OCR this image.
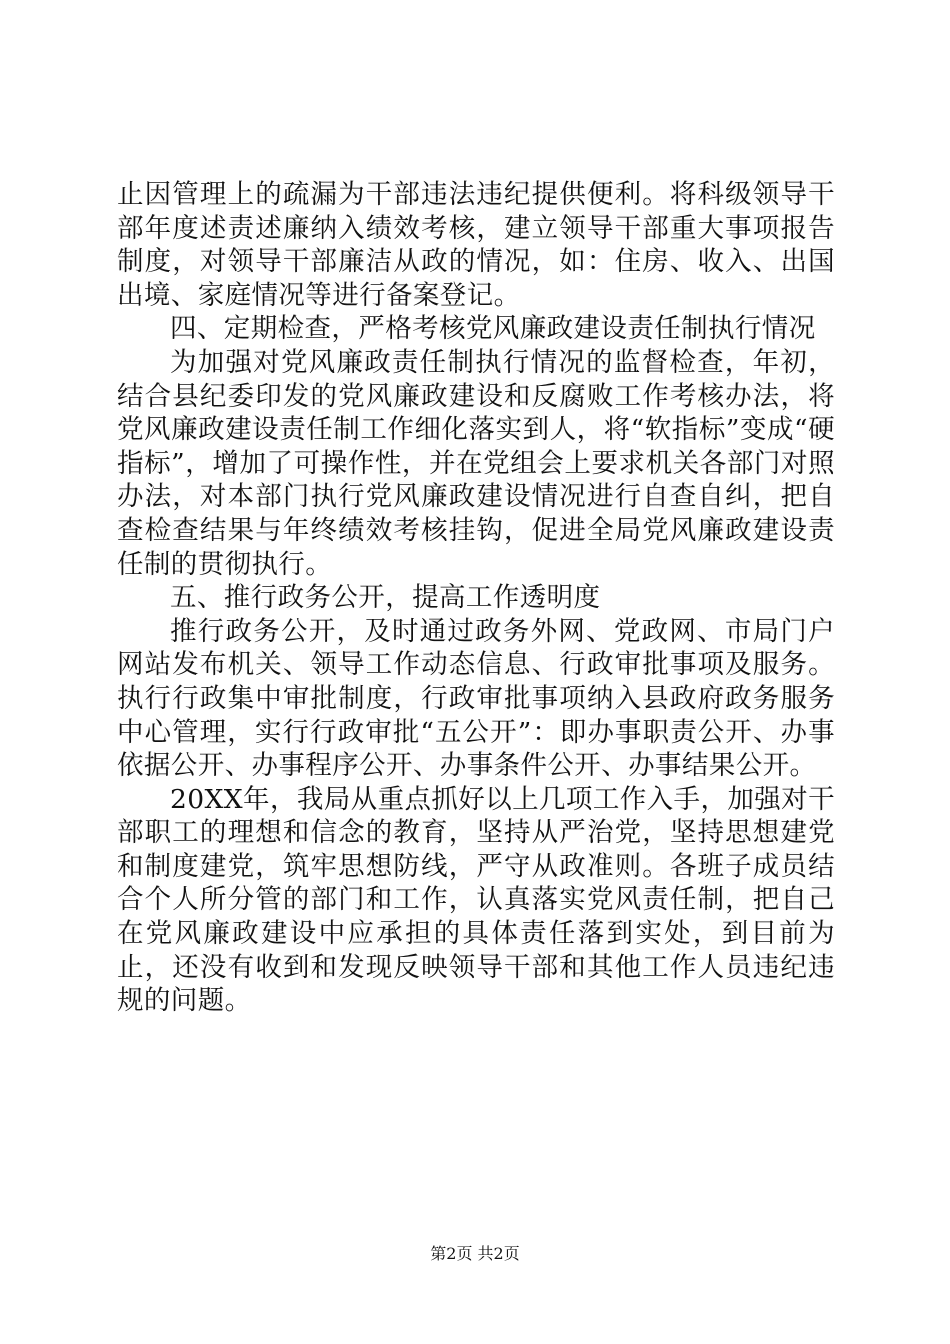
止因管理上的疏漏为干部违法违纪提供便利。将科级领导干部年度述责述廉纳入绩效考核，建立领导干部重大事项报告制度，对领导干部廉洁从政的情况，如：住房、收入、出国出境、家庭情况等进行备案登记。

四、定期检查，严格考核党风廉政建设责任制执行情况

为加强对党风廉政责任制执行情况的监督检查，年初，结合县纪委印发的党风廉政建设和反腐败工作考核办法，将党风廉政建设责任制工作细化落实到人，将“软指标”变成“硬指标”，增加了可操作性，并在党组会上要求机关各部门对照办法，对本部门执行党风廉政建设情况进行自查自纠，把自查检查结果与年终绩效考核挂钩，促进全局党风廉政建设责任制的贯彻执行。

五、推行政务公开，提高工作透明度

推行政务公开，及时通过政务外网、党政网、市局门户网站发布机关、领导工作动态信息、行政审批事项及服务。执行行政集中审批制度，行政审批事项纳入县政府政务服务中心管理，实行行政审批“五公开”：即办事职责公开、办事依据公开、办事程序公开、办事条件公开、办事结果公开。

20XX年，我局从重点抓好以上几项工作入手，加强对干部职工的理想和信念的教育，坚持从严治党，坚持思想建党和制度建党，筑牢思想防线，严守从政准则。各班子成员结合个人所分管的部门和工作，认真落实党风责任制，把自己在党风廉政建设中应承担的具体责任落到实处，到目前为止，还没有收到和发现反映领导干部和其他工作人员违纪违规的问题。

第2页 共2页
